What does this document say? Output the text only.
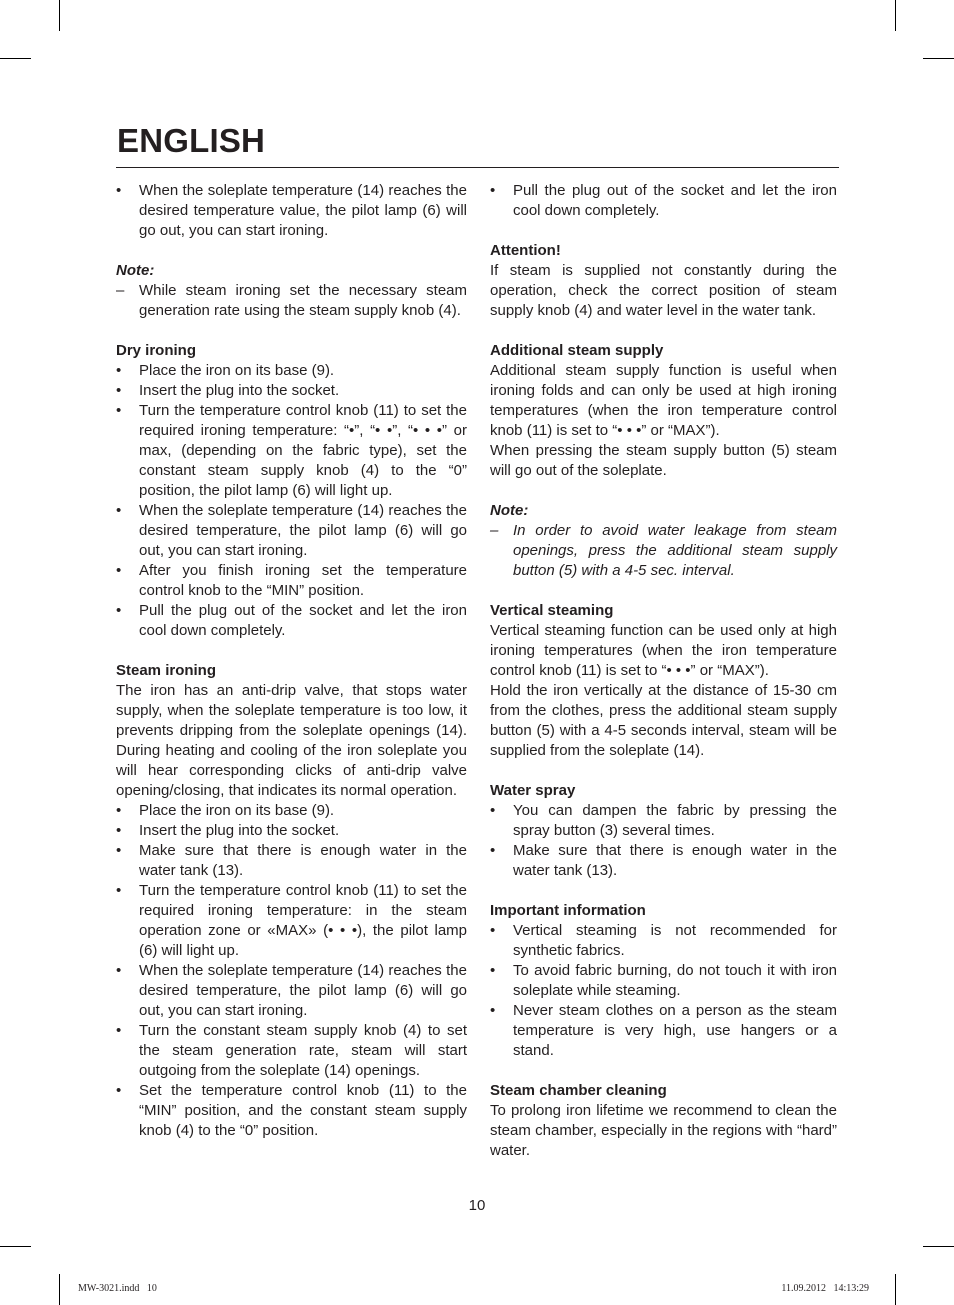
ENGLISH
• When the soleplate temperature (14) reaches the desired temperature value, the pilot lamp (6) will go out, you can start ironing.
Note:
– While steam ironing set the necessary steam generation rate using the steam supply knob (4).
Dry ironing
• Place the iron on its base (9).
• Insert the plug into the socket.
• Turn the temperature control knob (11) to set the required ironing temperature: “•”, “• •”, “• • •” or max, (depending on the fabric type), set the constant steam supply knob (4) to the “0” position, the pilot lamp (6) will light up.
• When the soleplate temperature (14) reaches the desired temperature, the pilot lamp (6) will go out, you can start ironing.
• After you finish ironing set the temperature control knob to the “MIN” position.
• Pull the plug out of the socket and let the iron cool down completely.
Steam ironing

The iron has an anti-drip valve, that stops water supply, when the soleplate temperature is too low, it prevents dripping from the soleplate openings (14). During heating and cooling of the iron soleplate you will hear corresponding clicks of anti-drip valve opening/closing, that indicates its normal operation.

• Place the iron on its base (9).
• Insert the plug into the socket.
• Make sure that there is enough water in the water tank (13).
• Turn the temperature control knob (11) to set the required ironing temperature: in the steam operation zone or «MAX» (• • •), the pilot lamp (6) will light up.
• When the soleplate temperature (14) reaches the desired temperature, the pilot lamp (6) will go out, you can start ironing.
• Turn the constant steam supply knob (4) to set the steam generation rate, steam will start outgoing from the soleplate (14) openings.
• Set the temperature control knob (11) to the “MIN” position, and the constant steam supply knob (4) to the “0” position.
• Pull the plug out of the socket and let the iron cool down completely.
Attention!

If steam is supplied not constantly during the operation, check the correct position of steam supply knob (4) and water level in the water tank.

Additional steam supply

Additional steam supply function is useful when ironing folds and can only be used at high ironing temperatures (when the iron temperature control knob (11) is set to “• • •” or “MAX”).

When pressing the steam supply button (5) steam will go out of the soleplate.

Note:
– In order to avoid water leakage from steam openings, press the additional steam supply button (5) with a 4-5 sec. interval.
Vertical steaming

Vertical steaming function can be used only at high ironing temperatures (when the iron temperature control knob (11) is set to “• • •” or “MAX”).

Hold the iron vertically at the distance of 15-30 cm from the clothes, press the additional steam supply button (5) with a 4-5 seconds interval, steam will be supplied from the soleplate (14).

Water spray
• You can dampen the fabric by pressing the spray button (3) several times.
• Make sure that there is enough water in the water tank (13).
Important information
• Vertical steaming is not recommended for synthetic fabrics.
• To avoid fabric burning, do not touch it with iron soleplate while steaming.
• Never steam clothes on a person as the steam temperature is very high, use hangers or a stand.
Steam chamber cleaning

To prolong iron lifetime we recommend to clean the steam chamber, especially in the regions with “hard” water.

10
MW-3021.indd   10	11.09.2012   14:13:29
